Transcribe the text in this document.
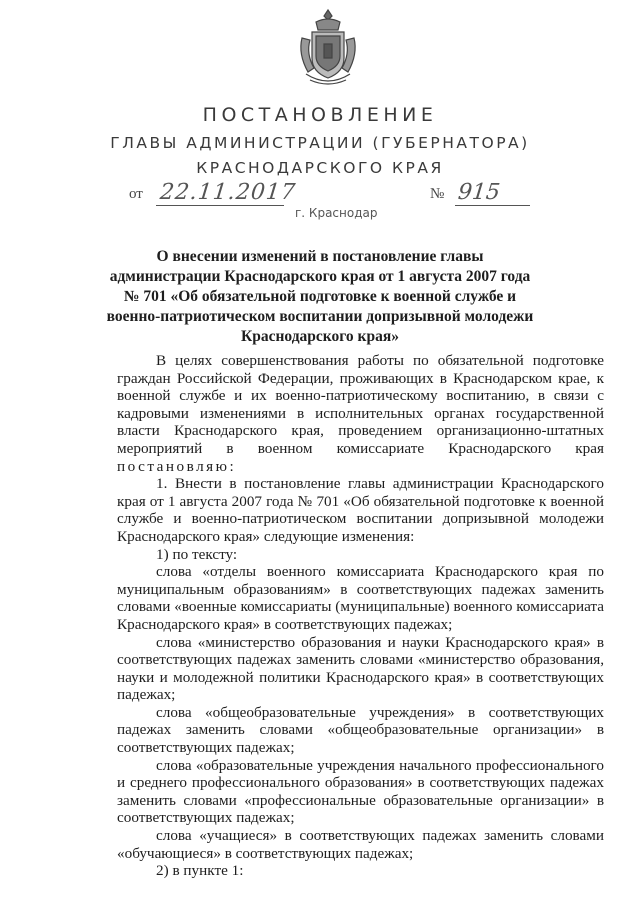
ПОСТАНОВЛЕНИЕ
ГЛАВЫ АДМИНИСТРАЦИИ (ГУБЕРНАТОРА)
КРАСНОДАРСКОГО КРАЯ
от 22.11.2017	№ 915
г. Краснодар
О внесении изменений в постановление главы администрации Краснодарского края от 1 августа 2007 года № 701 «Об обязательной подготовке к военной службе и военно-патриотическом воспитании допризывной молодежи Краснодарского края»

В целях совершенствования работы по обязательной подготовке граждан Российской Федерации, проживающих в Краснодарском крае, к военной службе и их военно-патриотическому воспитанию, в связи с кадровыми изменениями в исполнительных органах государственной власти Краснодарского края, проведением организационно-штатных мероприятий в военном комиссариате Краснодарского края постановляю:

1. Внести в постановление главы администрации Краснодарского края от 1 августа 2007 года № 701 «Об обязательной подготовке к военной службе и военно-патриотическом воспитании допризывной молодежи Краснодарского края» следующие изменения:

1) по тексту:

слова «отделы военного комиссариата Краснодарского края по муниципальным образованиям» в соответствующих падежах заменить словами «военные комиссариаты (муниципальные) военного комиссариата Краснодарского края» в соответствующих падежах;

слова «министерство образования и науки Краснодарского края» в соответствующих падежах заменить словами «министерство образования, науки и молодежной политики Краснодарского края» в соответствующих падежах;

слова «общеобразовательные учреждения» в соответствующих падежах заменить словами «общеобразовательные организации» в соответствующих падежах;

слова «образовательные учреждения начального профессионального и среднего профессионального образования» в соответствующих падежах заменить словами «профессиональные образовательные организации» в соответствующих падежах;

слова «учащиеся» в соответствующих падежах заменить словами «обучающиеся» в соответствующих падежах;

2) в пункте 1:
